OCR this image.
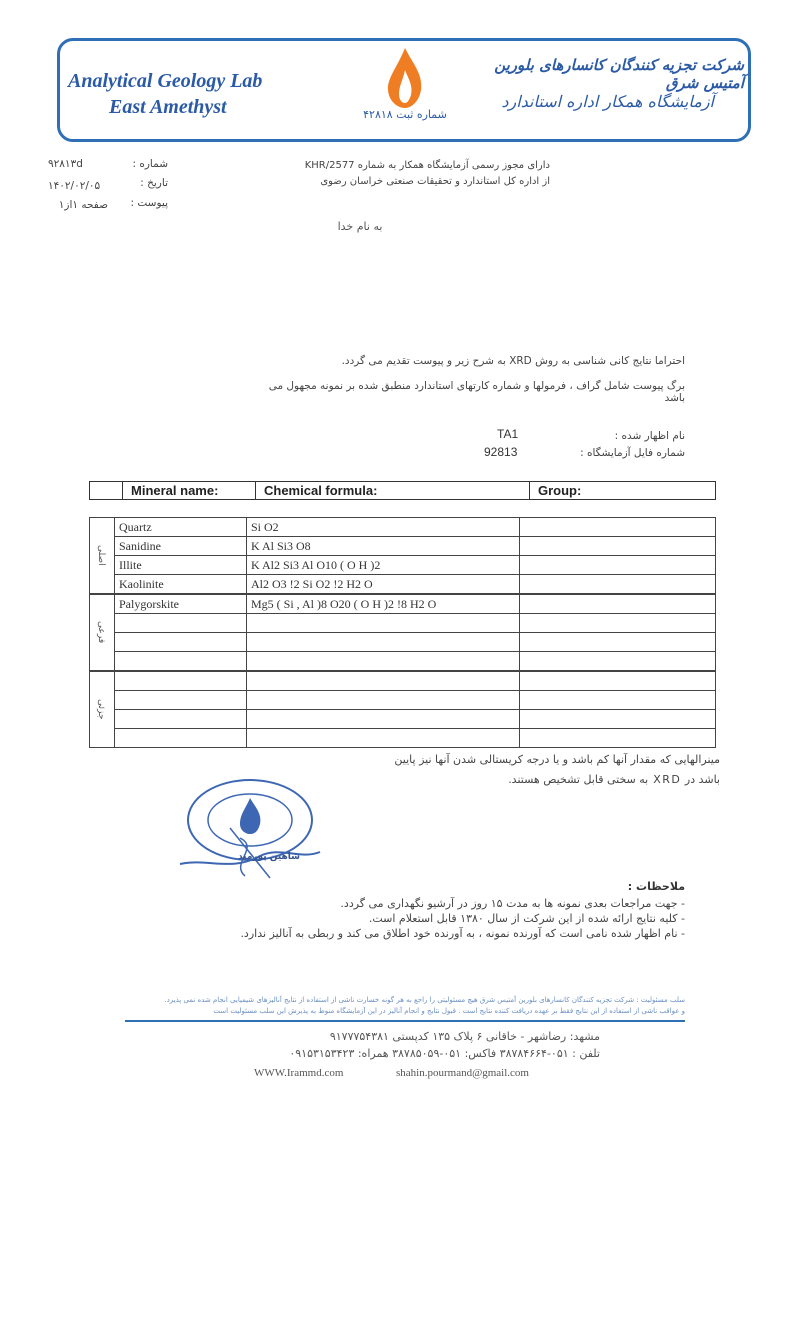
Analytical Geology Lab
East Amethyst	شماره ثبت ۴۲۸۱۸
شرکت تجزیه کنندگان کانسارهای بلورین آمتیس شرق
آزمایشگاه همکار اداره استاندارد
دارای مجوز رسمی آزمایشگاه همکار به شماره KHR/2577
از اداره کل استاندارد و تحقیقات صنعتی خراسان رضوی
شماره :
۹۲۸۱۳d
تاریخ :
۱۴۰۲/۰۲/۰۵
پیوست :
صفحه ۱از۱
به نام خدا
احتراما نتایج کانی شناسی به روش XRD به شرح زیر و پیوست تقدیم می گردد.
برگ پیوست شامل گراف ، فرمولها و شماره کارتهای استاندارد منطبق شده بر نمونه مجهول می باشد
نام اظهار شده :
TA1
شماره فایل آزمایشگاه :
92813
	Mineral name:	Chemical formula:	Group:
اصلی	Quartz	Si O2	
	Sanidine	K Al Si3 O8	
	Illite	K Al2 Si3 Al O10 ( O H )2	
	Kaolinite	Al2 O3 !2 Si O2 !2 H2 O	
فرعی	Palygorskite	Mg5 ( Si , Al )8 O20 ( O H )2 !8 H2 O	

جزئی			

مینرالهایی که مقدار آنها کم باشد و یا درجه کریستالی شدن آنها نیز پایین
باشد در XRD به سختی قابل تشخیص هستند.
شاهین پورمند
ملاحظات :
- جهت مراجعات بعدی نمونه ها به مدت ۱۵ روز در آرشیو نگهداری می گردد.
- کلیه نتایج ارائه شده از این شرکت از سال ۱۳۸۰ قابل استعلام است.
- نام اظهار شده نامی است که آورنده نمونه ، به آورنده خود اطلاق می کند و ربطی به آنالیز ندارد.
سلب مسئولیت : شرکت تجزیه کنندگان کانسارهای بلورین آمتیس شرق هیچ مسئولیتی را راجع به هر گونه خسارت ناشی از استفاده از نتایج آنالیزهای شیمیایی انجام شده نمی پذیرد.
و عواقب ناشی از استفاده از این نتایج فقط بر عهده دریافت کننده نتایج است . قبول نتایج و انجام آنالیز در این آزمایشگاه منوط به پذیرش این سلب مسئولیت است
مشهد: رضاشهر - خاقانی ۶ پلاک ۱۳۵ کدپستی ۹۱۷۷۷۵۴۳۸۱
تلفن : ۰۵۱-۳۸۷۸۴۶۶۴ فاکس: ۰۵۱-۳۸۷۸۵۰۵۹ همراه: ۰۹۱۵۳۱۵۳۴۲۳
WWW.Irammd.com	shahin.pourmand@gmail.com
